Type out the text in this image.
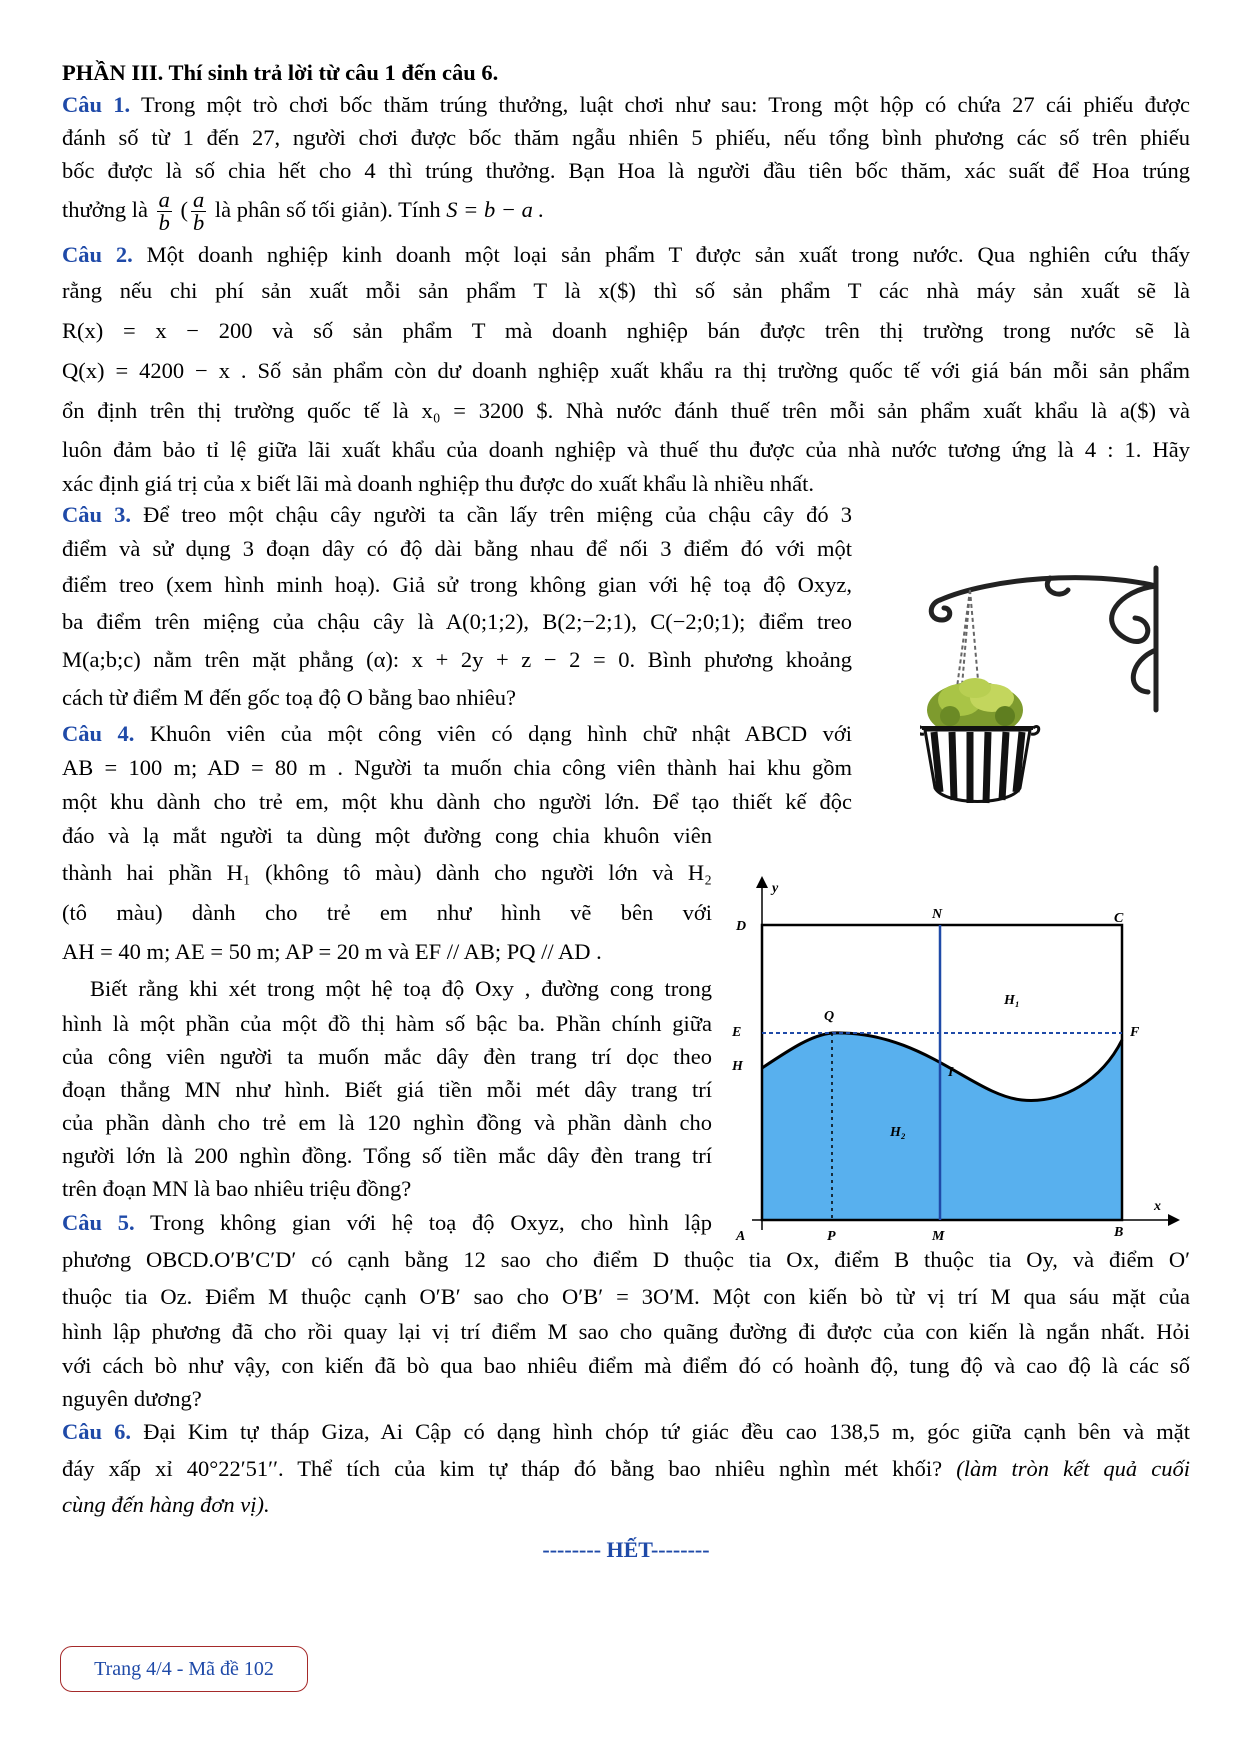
PHẦN III. Thí sinh trả lời từ câu 1 đến câu 6.
Câu 1. Trong một trò chơi bốc thăm trúng thưởng, luật chơi như sau: Trong một hộp có chứa 27 cái phiếu được
đánh số từ 1 đến 27, người chơi được bốc thăm ngẫu nhiên 5 phiếu, nếu tổng bình phương các số trên phiếu
bốc được là số chia hết cho 4 thì trúng thưởng. Bạn Hoa là người đầu tiên bốc thăm, xác suất để Hoa trúng
thưởng là $\frac{a}{b}$ ( $\frac{a}{b}$ là phân số tối giản). Tính S = b − a .
Câu 2. Một doanh nghiệp kinh doanh một loại sản phẩm T được sản xuất trong nước. Qua nghiên cứu thấy
rằng nếu chi phí sản xuất mỗi sản phẩm T là x($) thì số sản phẩm T các nhà máy sản xuất sẽ là
R(x) = x − 200 và số sản phẩm T mà doanh nghiệp bán được trên thị trường trong nước sẽ là
Q(x) = 4200 − x . Số sản phẩm còn dư doanh nghiệp xuất khẩu ra thị trường quốc tế với giá bán mỗi sản phẩm
ổn định trên thị trường quốc tế là x₀ = 3200 $. Nhà nước đánh thuế trên mỗi sản phẩm xuất khẩu là a($) và
luôn đảm bảo tỉ lệ giữa lãi xuất khẩu của doanh nghiệp và thuế thu được của nhà nước tương ứng là 4 : 1. Hãy
xác định giá trị của x biết lãi mà doanh nghiệp thu được do xuất khẩu là nhiều nhất.
Câu 3. Để treo một chậu cây người ta cần lấy trên miệng của chậu cây đó 3
điểm và sử dụng 3 đoạn dây có độ dài bằng nhau để nối 3 điểm đó với một
điểm treo (xem hình minh hoạ). Giả sử trong không gian với hệ toạ độ Oxyz,
ba điểm trên miệng của chậu cây là A(0;1;2), B(2;−2;1), C(−2;0;1); điểm treo
M(a;b;c) nằm trên mặt phẳng (α): x + 2y + z − 2 = 0. Bình phương khoảng
cách từ điểm M đến gốc toạ độ O bằng bao nhiêu?
Câu 4. Khuôn viên của một công viên có dạng hình chữ nhật ABCD với
AB = 100 m; AD = 80 m . Người ta muốn chia công viên thành hai khu gồm
một khu dành cho trẻ em, một khu dành cho người lớn. Để tạo thiết kế độc
đáo và lạ mắt người ta dùng một đường cong chia khuôn viên
thành hai phần H₁ (không tô màu) dành cho người lớn và H₂
(tô màu) dành cho trẻ em như hình vẽ bên với
AH = 40 m; AE = 50 m; AP = 20 m và EF // AB; PQ // AD .
Biết rằng khi xét trong một hệ toạ độ Oxy , đường cong trong
hình là một phần của một đồ thị hàm số bậc ba. Phần chính giữa
của công viên người ta muốn mắc dây đèn trang trí dọc theo
đoạn thẳng MN như hình. Biết giá tiền mỗi mét dây trang trí
của phần dành cho trẻ em là 120 nghìn đồng và phần dành cho
người lớn là 200 nghìn đồng. Tổng số tiền mắc dây đèn trang trí
trên đoạn MN là bao nhiêu triệu đồng?
Câu 5. Trong không gian với hệ toạ độ Oxyz, cho hình lập
phương OBCD.O′B′C′D′ có cạnh bằng 12 sao cho điểm D thuộc tia Ox, điểm B thuộc tia Oy, và điểm O′
thuộc tia Oz. Điểm M thuộc cạnh O′B′ sao cho O′B′ = 3O′M. Một con kiến bò từ vị trí M qua sáu mặt của
hình lập phương đã cho rồi quay lại vị trí điểm M sao cho quãng đường đi được của con kiến là ngắn nhất. Hỏi
với cách bò như vậy, con kiến đã bò qua bao nhiêu điểm mà điểm đó có hoành độ, tung độ và cao độ là các số
nguyên dương?
Câu 6. Đại Kim tự tháp Giza, Ai Cập có dạng hình chóp tứ giác đều cao 138,5 m, góc giữa cạnh bên và mặt
đáy xấp xỉ 40°22′51′′. Thể tích của kim tự tháp đó bằng bao nhiêu nghìn mét khối? (làm tròn kết quả cuối
cùng đến hàng đơn vị).
-------- HẾT--------
y
x
D
N	C
H₁
E
Q
F
H	I
H₂
A	P	M	B
Trang 4/4 - Mã đề 102
